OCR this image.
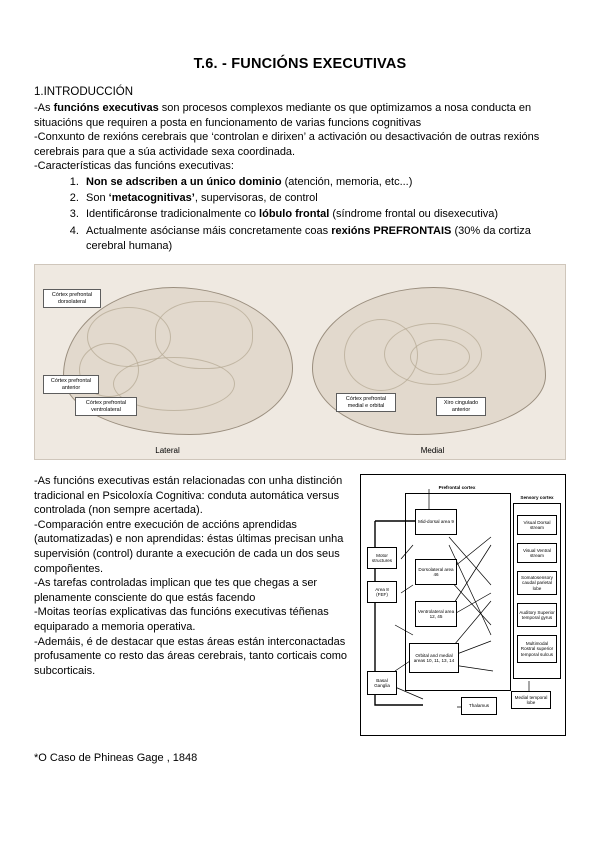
T.6. - FUNCIÓNS EXECUTIVAS
1.INTRODUCCIÓN

-As funcións executivas son procesos complexos mediante os que optimizamos a nosa conducta en situacións que requiren a posta en funcionamento de varias funcions cognitivas

-Conxunto de rexións cerebrais que ‘controlan e dirixen’ a activación ou desactivación de outras rexións cerebrais para que a súa actividade sexa coordinada.

-Características das funcións executivas:

1. Non se adscriben a un único dominio (atención, memoria, etc...)
2. Son ‘metacognitivas’, supervisoras, de control
3. Identificáronse tradicionalmente co lóbulo frontal (síndrome frontal ou disexecutiva)
4. Actualmente asócianse máis concretamente coas rexións PREFRONTAIS (30% da cortiza cerebral humana)
Córtex prefrontal dorsolateral
Córtex prefrontal anterior
Córtex prefrontal ventrolateral
Lateral
Córtex prefrontal medial e orbital	Xiro cingulado anterior
Medial

-As funcións executivas están relacionadas con unha distinción tradicional en Psicoloxía Cognitiva: conduta automática versus controlada (non sempre acertada).

-Comparación entre execución de accións aprendidas (automatizadas) e non aprendidas: éstas últimas precisan unha supervisión (control) durante a execución de cada un dos seus compoñentes.

-As tarefas controladas implican que tes que chegas a ser plenamente consciente do que estás facendo

-Moitas teorías explicativas das funcións executivas téñenas equiparado a memoria operativa.

-Ademáis, é de destacar que estas áreas están interconactadas profusamente co resto das áreas cerebrais, tanto corticais como subcorticais.

Prefrontal cortex
Mid-dorsal area 9
Dorsolateral area 46
Ventrolateral area 12, 45
Orbital and medial areas 10, 11, 13, 14
Motor structures
Area 8 (FEF)
Basal Ganglia
Thalamus
Medial temporal lobe
Sensory cortex
Visual Dorsal stream
Visual Ventral stream
Somatosensory caudal parietal lobe
Auditory Superior temporal gyrus
Multimodal Rostral superior temporal sulcus
*O Caso de Phineas Gage , 1848
